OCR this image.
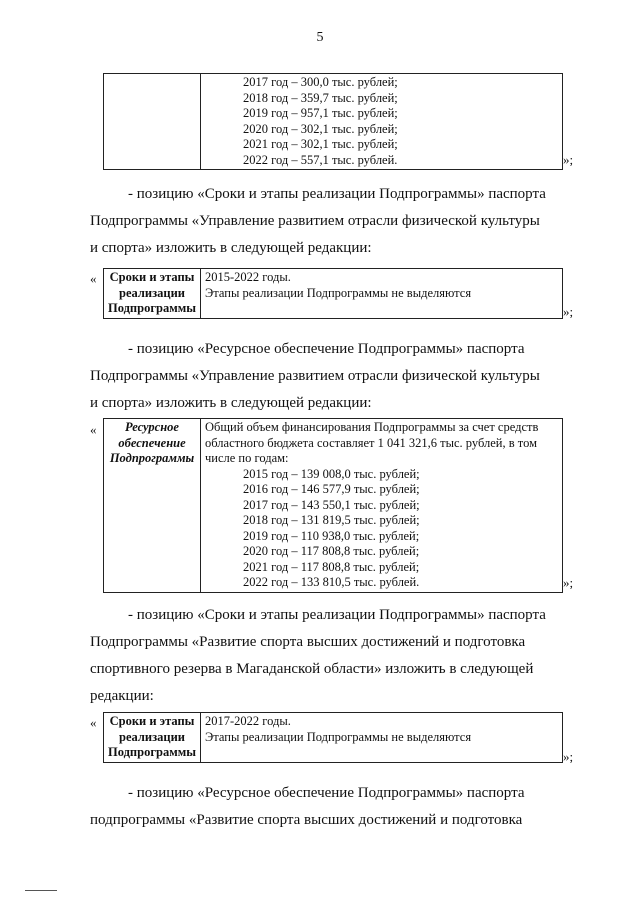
5

2017 год – 300,0 тыс. рублей;
2018 год – 359,7 тыс. рублей;
2019 год – 957,1 тыс. рублей;
2020 год – 302,1 тыс. рублей;
2021 год – 302,1 тыс. рублей;
2022 год – 557,1 тыс. рублей.	»;
- позицию «Сроки и этапы реализации Подпрограммы» паспорта
Подпрограммы «Управление развитием отрасли физической культуры
и спорта» изложить в следующей редакции:
« Сроки и этапы реализации Подпрограммы	
2015-2022 годы.
Этапы реализации Подпрограммы не выделяются
»;
- позицию «Ресурсное обеспечение Подпрограммы» паспорта
Подпрограммы «Управление развитием отрасли физической культуры
и спорта» изложить в следующей редакции:
« Ресурсное обеспечение Подпрограммы	
Общий объем финансирования Подпрограммы за счет средств областного бюджета составляет 1 041 321,6 тыс. рублей, в том числе по годам:
2015 год – 139 008,0 тыс. рублей;
2016 год – 146 577,9 тыс. рублей;
2017 год – 143 550,1 тыс. рублей;
2018 год – 131 819,5 тыс. рублей;
2019 год – 110 938,0 тыс. рублей;
2020 год – 117 808,8 тыс. рублей;
2021 год – 117 808,8 тыс. рублей;
2022 год – 133 810,5 тыс. рублей.	»;
- позицию «Сроки и этапы реализации Подпрограммы» паспорта
Подпрограммы «Развитие спорта высших достижений и подготовка
спортивного резерва в Магаданской области» изложить в следующей
редакции:
« Сроки и этапы реализации Подпрограммы	
2017-2022 годы.
Этапы реализации Подпрограммы не выделяются
»;
- позицию «Ресурсное обеспечение Подпрограммы» паспорта
подпрограммы «Развитие спорта высших достижений и подготовка
